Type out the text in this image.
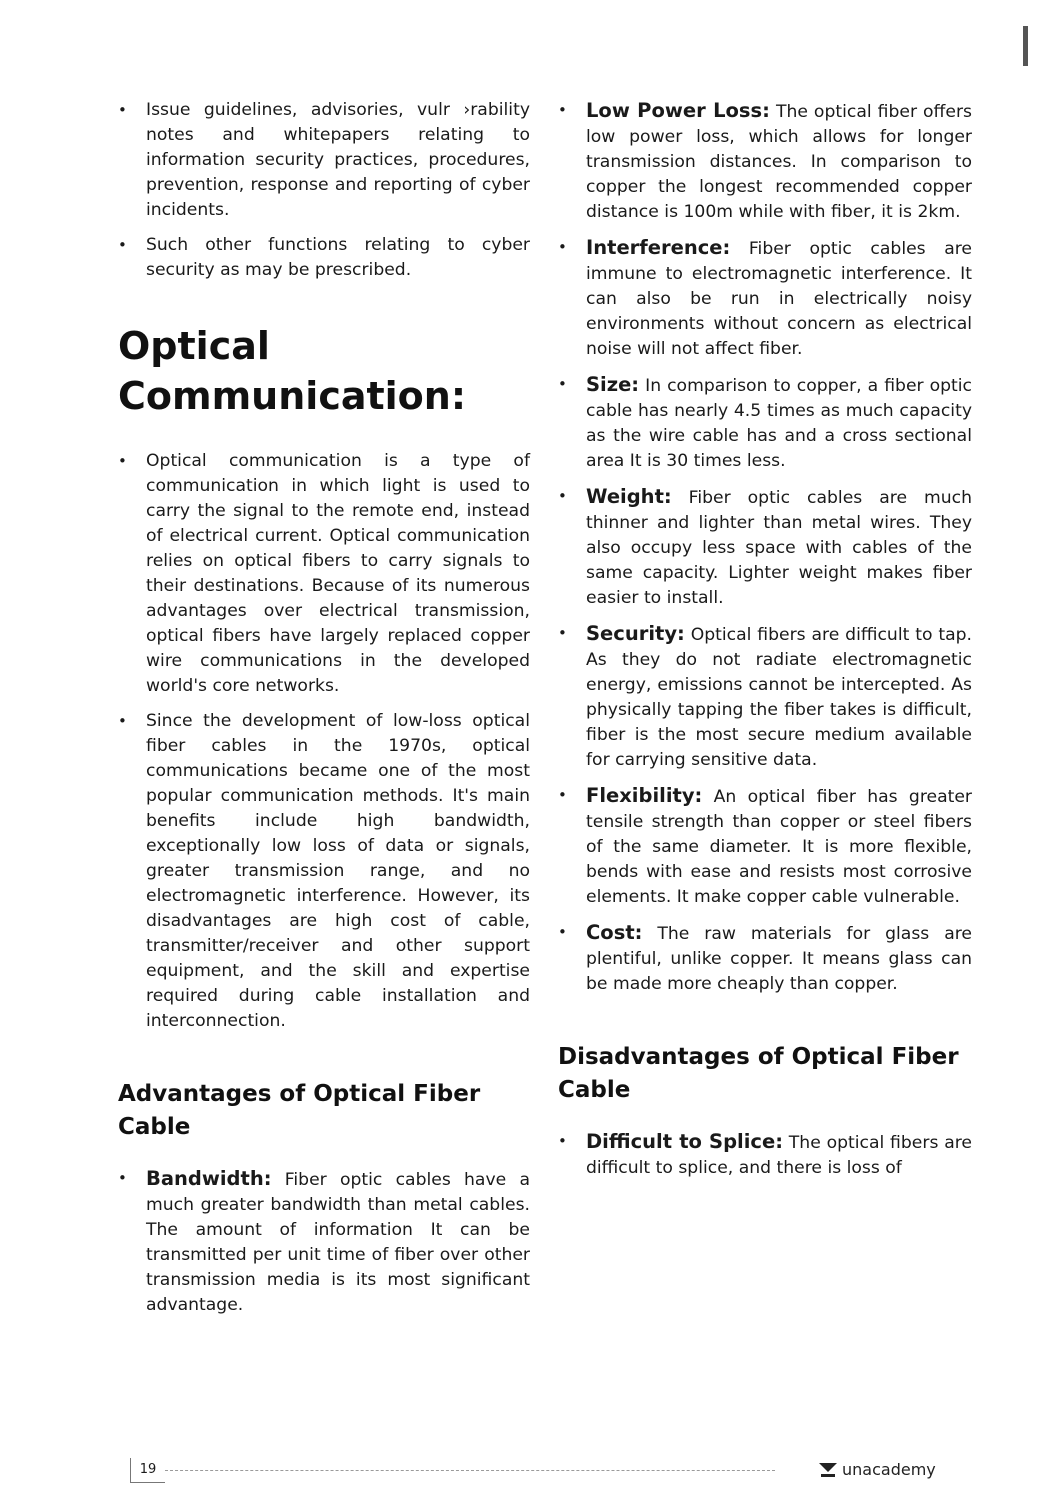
• Issue guidelines, advisories, vulr ›rability notes and whitepapers relating to information security practices, procedures, prevention, response and reporting of cyber incidents.
• Such other functions relating to cyber security as may be prescribed.
Optical Communication:
• Optical communication is a type of communication in which light is used to carry the signal to the remote end, instead of electrical current. Optical communication relies on optical fibers to carry signals to their destinations. Because of its numerous advantages over electrical transmission, optical fibers have largely replaced copper wire communications in the developed world's core networks.
• Since the development of low-loss optical fiber cables in the 1970s, optical communications became one of the most popular communication methods. It's main benefits include high bandwidth, exceptionally low loss of data or signals, greater transmission range, and no electromagnetic interference. However, its disadvantages are high cost of cable, transmitter/receiver and other support equipment, and the skill and expertise required during cable installation and interconnection.
Advantages of Optical Fiber Cable
• Bandwidth: Fiber optic cables have a much greater bandwidth than metal cables. The amount of information It can be transmitted per unit time of fiber over other transmission media is its most significant advantage.
• Low Power Loss: The optical fiber offers low power loss, which allows for longer transmission distances. In comparison to copper the longest recommended copper distance is 100m while with fiber, it is 2km.
• Interference: Fiber optic cables are immune to electromagnetic interference. It can also be run in electrically noisy environments without concern as electrical noise will not affect fiber.
• Size: In comparison to copper, a fiber optic cable has nearly 4.5 times as much capacity as the wire cable has and a cross sectional area It is 30 times less.
• Weight: Fiber optic cables are much thinner and lighter than metal wires. They also occupy less space with cables of the same capacity. Lighter weight makes fiber easier to install.
• Security: Optical fibers are difficult to tap. As they do not radiate electromagnetic energy, emissions cannot be intercepted. As physically tapping the fiber takes is difficult, fiber is the most secure medium available for carrying sensitive data.
• Flexibility: An optical fiber has greater tensile strength than copper or steel fibers of the same diameter. It is more flexible, bends with ease and resists most corrosive elements. It make copper cable vulnerable.
• Cost: The raw materials for glass are plentiful, unlike copper. It means glass can be made more cheaply than copper.
Disadvantages of Optical Fiber Cable
• Difficult to Splice: The optical fibers are difficult to splice, and there is loss of
19	unacademy
